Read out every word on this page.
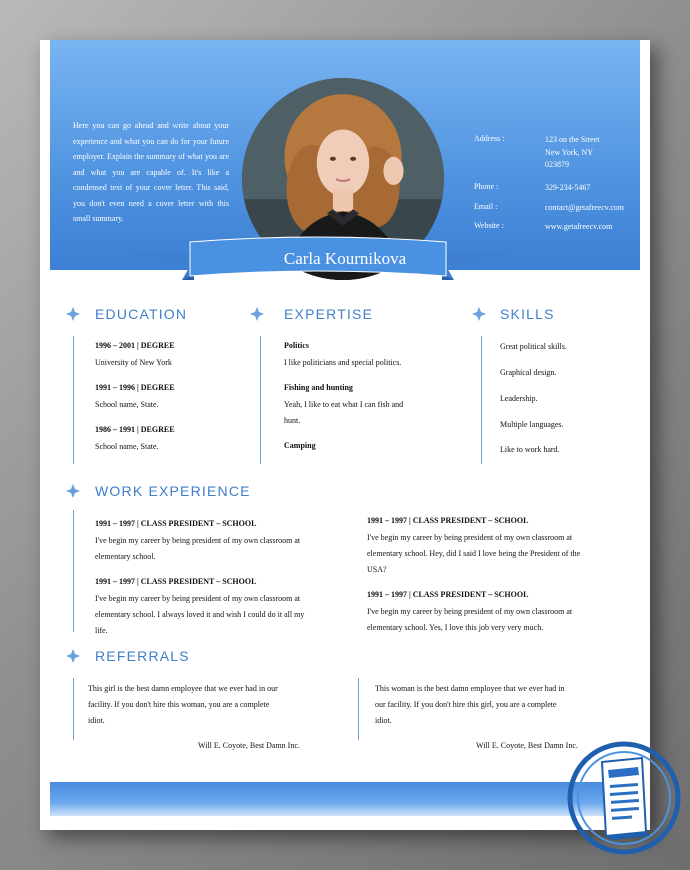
Here you can go ahead and write about your experience and what you can do for your future employer. Explain the summary of what you are and what you are capable of. It's like a condensed text of your cover letter. This said, you don't even need a cover letter with this small summary.
Address :	123 on the Street
New York, NY
023879
Phone :	329-234-5467
Email :	contact@getafreecv.com
Website :	www.getafreecv.com
Carla Kournikova
EDUCATION
1996 – 2001 | DEGREE
University of New York
1991 – 1996 | DEGREE
School name, State.
1986 – 1991 | DEGREE
School name, State.
EXPERTISE
Politics
I like politicians and special politics.
Fishing and hunting
Yeah, I like to eat what I can fish and
hunt.
Camping
SKILLS
Great political skills.
Graphical design.
Leadership.
Multiple languages.
Like to work hard.
WORK EXPERIENCE
1991 – 1997 | CLASS PRESIDENT – SCHOOL
I've begin my career by being president of my own classroom at
elementary school.
1991 – 1997 | CLASS PRESIDENT – SCHOOL
I've begin my career by being president of my own classroom at
elementary school. I always loved it and wish I could do it all my
life.
1991 – 1997 | CLASS PRESIDENT – SCHOOL
I've begin my career by being president of my own classroom at
elementary school. Hey, did I said I love being the President of the
USA?
1991 – 1997 | CLASS PRESIDENT – SCHOOL
I've begin my career by being president of my own classroom at
elementary school. Yes, I love this job very very much.
REFERRALS
This girl is the best damn employee that we ever had in our
facility. If you don't hire this woman, you are a complete
idiot.
Will E. Coyote, Best Damn Inc.
This woman is the best damn employee that we ever had in
our facility. If you don't hire this girl, you are a complete
idiot.
Will E. Coyote, Best Damn Inc.
